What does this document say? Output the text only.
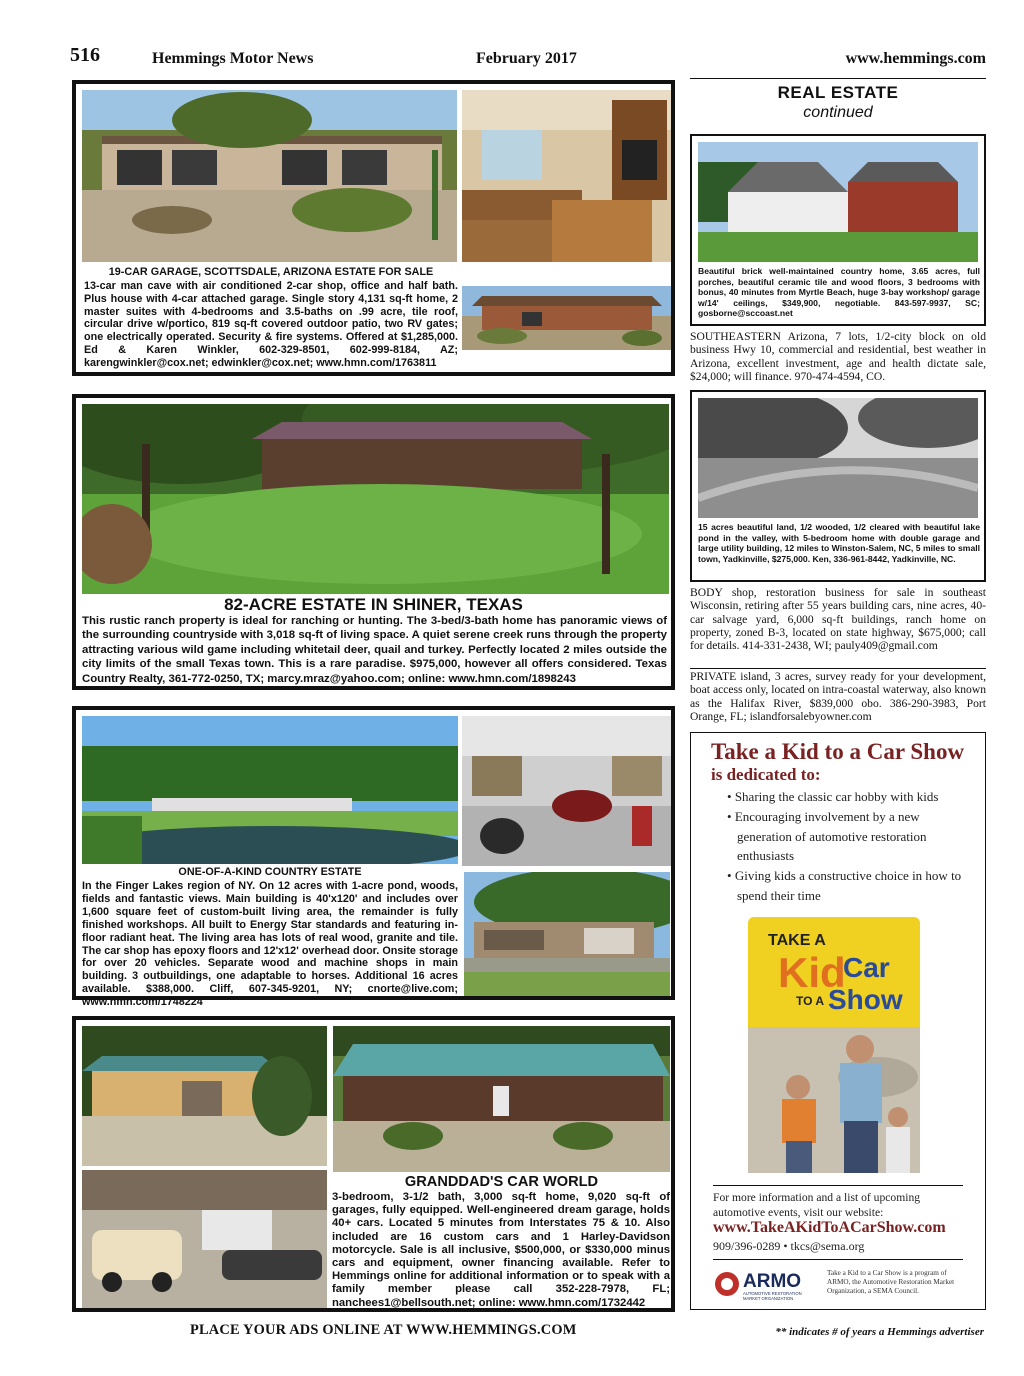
516	Hemmings Motor News	February 2017	www.hemmings.com
19-CAR GARAGE, SCOTTSDALE, ARIZONA ESTATE FOR SALE
13-car man cave with air conditioned 2-car shop, office and half bath. Plus house with 4-car attached garage. Single story 4,131 sq-ft home, 2 master suites with 4-bedrooms and 3.5-baths on .99 acre, tile roof, circular drive w/portico, 819 sq-ft covered outdoor patio, two RV gates; one electrically operated. Security & fire systems. Offered at $1,285,000. Ed & Karen Winkler, 602-329-8501, 602-999-8184, AZ; karengwinkler@cox.net; edwinkler@cox.net; www.hmn.com/1763811
82-ACRE ESTATE IN SHINER, TEXAS
This rustic ranch property is ideal for ranching or hunting. The 3-bed/3-bath home has panoramic views of the surrounding countryside with 3,018 sq-ft of living space. A quiet serene creek runs through the property attracting various wild game including whitetail deer, quail and turkey. Perfectly located 2 miles outside the city limits of the small Texas town. This is a rare paradise. $975,000, however all offers considered. Texas Country Realty, 361-772-0250, TX; marcy.mraz@yahoo.com; online: www.hmn.com/1898243
ONE-OF-A-KIND COUNTRY ESTATE
In the Finger Lakes region of NY. On 12 acres with 1-acre pond, woods, fields and fantastic views. Main building is 40'x120' and includes over 1,600 square feet of custom-built living area, the remainder is fully finished workshops. All built to Energy Star standards and featuring in-floor radiant heat. The living area has lots of real wood, granite and tile. The car shop has epoxy floors and 12'x12' overhead door. Onsite storage for over 20 vehicles. Separate wood and machine shops in main building. 3 outbuildings, one adaptable to horses. Additional 16 acres available. $388,000. Cliff, 607-345-9201, NY; cnorte@live.com; www.hmn.com/1748224
GRANDDAD'S CAR WORLD
3-bedroom, 3-1/2 bath, 3,000 sq-ft home, 9,020 sq-ft of garages, fully equipped. Well-engineered dream garage, holds 40+ cars. Located 5 minutes from Interstates 75 & 10. Also included are 16 custom cars and 1 Harley-Davidson motorcycle. Sale is all inclusive, $500,000, or $330,000 minus cars and equipment, owner financing available. Refer to Hemmings online for additional information or to speak with a family member please call 352-228-7978, FL; nanchees1@bellsouth.net; online: www.hmn.com/1732442
REAL ESTATE
continued
Beautiful brick well-maintained country home, 3.65 acres, full porches, beautiful ceramic tile and wood floors, 3 bedrooms with bonus, 40 minutes from Myrtle Beach, huge 3-bay workshop/ garage w/14' ceilings, $349,900, negotiable. 843-597-9937, SC; gosborne@sccoast.net
SOUTHEASTERN Arizona, 7 lots, 1/2-city block on old business Hwy 10, commercial and residential, best weather in Arizona, excellent investment, age and health dictate sale, $24,000; will finance. 970-474-4594, CO.
15 acres beautiful land, 1/2 wooded, 1/2 cleared with beautiful lake pond in the valley, with 5-bedroom home with double garage and large utility building, 12 miles to Winston-Salem, NC, 5 miles to small town, Yadkinville, $275,000. Ken, 336-961-8442, Yadkinville, NC.
BODY shop, restoration business for sale in southeast Wisconsin, retiring after 55 years building cars, nine acres, 40-car salvage yard, 6,000 sq-ft buildings, ranch home on property, zoned B-3, located on state highway, $675,000; call for details. 414-331-2438, WI; pauly409@gmail.com
PRIVATE island, 3 acres, survey ready for your development, boat access only, located on intra-coastal waterway, also known as the Halifax River, $839,000 obo. 386-290-3983, Port Orange, FL; islandforsalebyowner.com
Take a Kid to a Car Show
is dedicated to:
• Sharing the classic car hobby with kids
• Encouraging involvement by a new generation of automotive restoration enthusiasts
• Giving kids a constructive choice in how to spend their time
TAKE A
Kid
Car
TO A Show
For more information and a list of upcoming automotive events, visit our website:
www.TakeAKidToACarShow.com
909/396-0289 • tkcs@sema.org
ARMO
AUTOMOTIVE RESTORATION
MARKET ORGANIZATION
Take a Kid to a Car Show is a program of ARMO, the Automotive Restoration Market Organization, a SEMA Council.
PLACE YOUR ADS ONLINE AT WWW.HEMMINGS.COM	** indicates # of years a Hemmings advertiser
